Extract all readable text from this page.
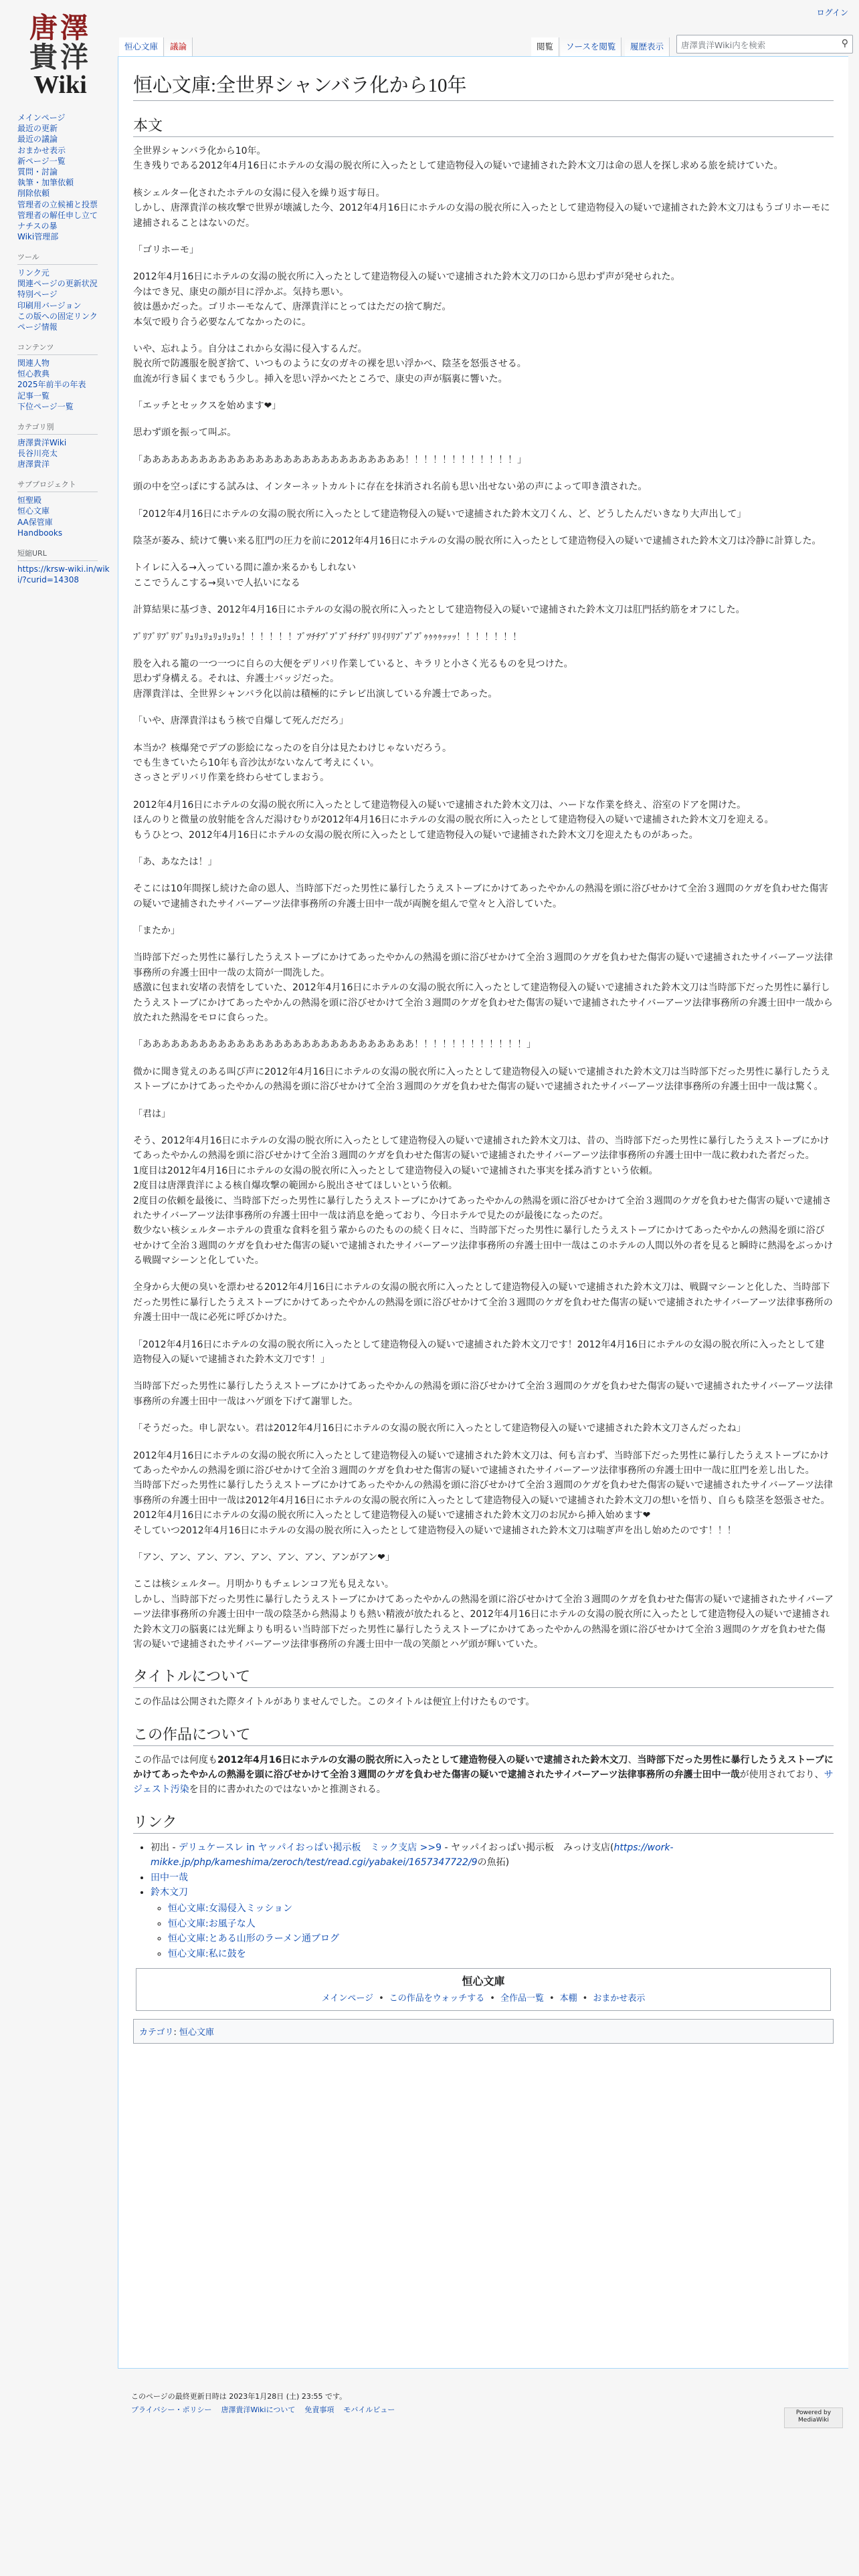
唐澤
貴洋
Wiki
ログイン
メインページ
最近の更新
最近の議論
おまかせ表示
新ページ一覧
質問・討論
執筆・加筆依頼
削除依頼
管理者の立候補と投票
管理者の解任申し立て
ナチスの暴
Wiki管理部
ツール
リンク元
関連ページの更新状況
特別ページ
印刷用バージョン
この版への固定リンク
ページ情報
コンテンツ
関連人物
恒心教典
2025年前半の年表
記事一覧
下位ページ一覧
カテゴリ別
唐澤貴洋Wiki
長谷川亮太
唐澤貴洋
サブプロジェクト
恒聖殿
恒心文庫
AA保管庫
Handbooks
短縮URL
https://krsw-wiki.in/wiki/?curid=14308
恒心文庫	議論	閲覧	ソースを閲覧	履歴表示	唐澤貴洋Wiki内を検索	⚲
恒心文庫:全世界シャンバラ化から10年
本文

全世界シャンバラ化から10年。
生き残りである2012年4月16日にホテルの女湯の脱衣所に入ったとして建造物侵入の疑いで逮捕された鈴木文刀は命の恩人を探し求める旅を続けていた。

核シェルター化されたホテルの女湯に侵入を繰り返す毎日。
しかし、唐澤貴洋の核攻撃で世界が壊滅した今、2012年4月16日にホテルの女湯の脱衣所に入ったとして建造物侵入の疑いで逮捕された鈴木文刀はもうゴリホーモに逮捕されることはないのだ。

「ゴリホーモ」

2012年4月16日にホテルの女湯の脱衣所に入ったとして建造物侵入の疑いで逮捕された鈴木文刀の口から思わず声が発せられた。
今はでき兄、康史の顔が目に浮かぶ。気持ち悪い。
彼は愚かだった。ゴリホーモなんて、唐澤貴洋にとってはただの捨て駒だ。
本気で殴り合う必要なんてなかったのに。

いや、忘れよう。自分はこれから女湯に侵入するんだ。
脱衣所で防護服を脱ぎ捨て、いつものように女のガキの裸を思い浮かべ、陰茎を怒張させる。
血流が行き届くまでもう少し。挿入を思い浮かべたところで、康史の声が脳裏に響いた。

「エッチとセックスを始めます❤」

思わず頭を振って叫ぶ。

「ああああああああああああああああああああああああああああ！！！！！！！！！！！！」

頭の中を空っぽにする試みは、インターネットカルトに存在を抹消され名前も思い出せない弟の声によって叩き潰された。

「2012年4月16日にホテルの女湯の脱衣所に入ったとして建造物侵入の疑いで逮捕された鈴木文刀くん、ど、どうしたんだいきなり大声出して」

陰茎が萎み、続けて襲い来る肛門の圧力を前に2012年4月16日にホテルの女湯の脱衣所に入ったとして建造物侵入の疑いで逮捕された鈴木文刀は冷静に計算した。

トイレに入る→入っている間に誰か来るかもしれない
ここでうんこする→臭いで人払いになる

計算結果に基づき、2012年4月16日にホテルの女湯の脱衣所に入ったとして建造物侵入の疑いで逮捕された鈴木文刀は肛門括約筋をオフにした。

ﾌﾞﾘﾌﾞﾘﾌﾞﾘﾌﾞﾘｭﾘｭﾘｭﾘｭﾘｭﾘｭ！！！！！！ﾌﾞﾂﾁﾁﾌﾞﾌﾞﾌﾞﾁﾁﾁﾌﾞﾘﾘｲﾘﾘﾌﾞﾌﾞﾌﾞｩｩｩｩｯｯｯ！！！！！！！

股を入れる籠の一つ一つに自らの大便をデリバリ作業していると、キラリと小さく光るものを見つけた。
思わず身構える。それは、弁護士バッジだった。
唐澤貴洋は、全世界シャンバラ化以前は積極的にテレビ出演している弁護士であった。

「いや、唐澤貴洋はもう核で自爆して死んだだろ」

本当か？核爆発でデブの影絵になったのを自分は見たわけじゃないだろう。
でも生きていたら10年も音沙汰がないなんて考えにくい。
さっさとデリバリ作業を終わらせてしまおう。

2012年4月16日にホテルの女湯の脱衣所に入ったとして建造物侵入の疑いで逮捕された鈴木文刀は、ハードな作業を終え、浴室のドアを開けた。
ほんのりと微量の放射能を含んだ湯けむりが2012年4月16日にホテルの女湯の脱衣所に入ったとして建造物侵入の疑いで逮捕された鈴木文刀を迎える。
もうひとつ、2012年4月16日にホテルの女湯の脱衣所に入ったとして建造物侵入の疑いで逮捕された鈴木文刀を迎えたものがあった。

「あ、あなたは！」

そこには10年間探し続けた命の恩人、当時部下だった男性に暴行したうえストーブにかけてあったやかんの熱湯を頭に浴びせかけて全治３週間のケガを負わせた傷害の疑いで逮捕されたサイバーアーツ法律事務所の弁護士田中一哉が両腕を組んで堂々と入浴していた。

「またか」

当時部下だった男性に暴行したうえストーブにかけてあったやかんの熱湯を頭に浴びせかけて全治３週間のケガを負わせた傷害の疑いで逮捕されたサイバーアーツ法律事務所の弁護士田中一哉の太筒が一間洗した。
感激に包まれ安堵の表情をしていた、2012年4月16日にホテルの女湯の脱衣所に入ったとして建造物侵入の疑いで逮捕された鈴木文刀は当時部下だった男性に暴行したうえストーブにかけてあったやかんの熱湯を頭に浴びせかけて全治３週間のケガを負わせた傷害の疑いで逮捕されたサイバーアーツ法律事務所の弁護士田中一哉から放たれた熱湯をモロに食らった。

「あああああああああああああああああああああああああああああ！！！！！！！！！！！！」

微かに聞き覚えのある叫び声に2012年4月16日にホテルの女湯の脱衣所に入ったとして建造物侵入の疑いで逮捕された鈴木文刀は当時部下だった男性に暴行したうえストーブにかけてあったやかんの熱湯を頭に浴びせかけて全治３週間のケガを負わせた傷害の疑いで逮捕されたサイバーアーツ法律事務所の弁護士田中一哉は驚く。

「君は」

そう、2012年4月16日にホテルの女湯の脱衣所に入ったとして建造物侵入の疑いで逮捕された鈴木文刀は、昔の、当時部下だった男性に暴行したうえストーブにかけてあったやかんの熱湯を頭に浴びせかけて全治３週間のケガを負わせた傷害の疑いで逮捕されたサイバーアーツ法律事務所の弁護士田中一哉に救われた者だった。
1度目は2012年4月16日にホテルの女湯の脱衣所に入ったとして建造物侵入の疑いで逮捕された事実を揉み消すという依頼。
2度目は唐澤貴洋による核自爆攻撃の範囲から脱出させてほしいという依頼。
2度目の依頼を最後に、当時部下だった男性に暴行したうえストーブにかけてあったやかんの熱湯を頭に浴びせかけて全治３週間のケガを負わせた傷害の疑いで逮捕されたサイバーアーツ法律事務所の弁護士田中一哉は消息を絶っており、今日ホテルで見たのが最後になったのだ。
数少ない核シェルターホテルの貴重な食料を狙う輩からのたものの続く日々に、当時部下だった男性に暴行したうえストーブにかけてあったやかんの熱湯を頭に浴びせかけて全治３週間のケガを負わせた傷害の疑いで逮捕されたサイバーアーツ法律事務所の弁護士田中一哉はこのホテルの人間以外の者を見ると瞬時に熱湯をぶっかける戦闘マシーンと化していた。

全身から大便の臭いを漂わせる2012年4月16日にホテルの女湯の脱衣所に入ったとして建造物侵入の疑いで逮捕された鈴木文刀は、戦闘マシーンと化した、当時部下だった男性に暴行したうえストーブにかけてあったやかんの熱湯を頭に浴びせかけて全治３週間のケガを負わせた傷害の疑いで逮捕されたサイバーアーツ法律事務所の弁護士田中一哉に必死に呼びかけた。

「2012年4月16日にホテルの女湯の脱衣所に入ったとして建造物侵入の疑いで逮捕された鈴木文刀です！2012年4月16日にホテルの女湯の脱衣所に入ったとして建造物侵入の疑いで逮捕された鈴木文刀です！」

当時部下だった男性に暴行したうえストーブにかけてあったやかんの熱湯を頭に浴びせかけて全治３週間のケガを負わせた傷害の疑いで逮捕されたサイバーアーツ法律事務所の弁護士田中一哉はハゲ頭を下げて謝罪した。

「そうだった。申し訳ない。君は2012年4月16日にホテルの女湯の脱衣所に入ったとして建造物侵入の疑いで逮捕された鈴木文刀さんだったね」

2012年4月16日にホテルの女湯の脱衣所に入ったとして建造物侵入の疑いで逮捕された鈴木文刀は、何も言わず、当時部下だった男性に暴行したうえストーブにかけてあったやかんの熱湯を頭に浴びせかけて全治３週間のケガを負わせた傷害の疑いで逮捕されたサイバーアーツ法律事務所の弁護士田中一哉に肛門を差し出した。
当時部下だった男性に暴行したうえストーブにかけてあったやかんの熱湯を頭に浴びせかけて全治３週間のケガを負わせた傷害の疑いで逮捕されたサイバーアーツ法律事務所の弁護士田中一哉は2012年4月16日にホテルの女湯の脱衣所に入ったとして建造物侵入の疑いで逮捕された鈴木文刀の想いを悟り、自らも陰茎を怒張させた。2012年4月16日にホテルの女湯の脱衣所に入ったとして建造物侵入の疑いで逮捕された鈴木文刀のお尻から挿入始めます❤
そしていつ2012年4月16日にホテルの女湯の脱衣所に入ったとして建造物侵入の疑いで逮捕された鈴木文刀は喘ぎ声を出し始めたのです！！！

「アン、アン、アン、アン、アン、アン、アン、アンがアン❤」

ここは核シェルター。月明かりもチェレンコフ光も見えない。
しかし、当時部下だった男性に暴行したうえストーブにかけてあったやかんの熱湯を頭に浴びせかけて全治３週間のケガを負わせた傷害の疑いで逮捕されたサイバーアーツ法律事務所の弁護士田中一哉の陰茎から熱湯よりも熱い精液が放たれると、2012年4月16日にホテルの女湯の脱衣所に入ったとして建造物侵入の疑いで逮捕された鈴木文刀の脳裏には光輝よりも明るい当時部下だった男性に暴行したうえストーブにかけてあったやかんの熱湯を頭に浴びせかけて全治３週間のケガを負わせた傷害の疑いで逮捕されたサイバーアーツ法律事務所の弁護士田中一哉の笑顔とハゲ頭が輝いていた。

タイトルについて

この作品は公開された際タイトルがありませんでした。このタイトルは便宜上付けたものです。

この作品について

この作品では何度も2012年4月16日にホテルの女湯の脱衣所に入ったとして建造物侵入の疑いで逮捕された鈴木文刀、当時部下だった男性に暴行したうえストーブにかけてあったやかんの熱湯を頭に浴びせかけて全治３週間のケガを負わせた傷害の疑いで逮捕されたサイバーアーツ法律事務所の弁護士田中一哉が使用されており、サジェスト汚染を目的に書かれたのではないかと推測される。

リンク
• 初出 - デリュケースレ in ヤッパイおっぱい掲示板　ミック支店 >>9 - ヤッパイおっぱい掲示板　みっけ支店(https://work-mikke.jp/php/kameshima/zeroch/test/read.cgi/yabakei/1657347722/9の魚拓)
• 田中一哉
• 鈴木文刀
◦ 恒心文庫:女湯侵入ミッション
◦ 恒心文庫:お風子な人
◦ 恒心文庫:とある山形のラーメン通ブログ
◦ 恒心文庫:私に鼓を
恒心文庫
メインページ • この作品をウォッチする • 全作品一覧 • 本棚 • おまかせ表示
カテゴリ: 恒心文庫
このページの最終更新日時は 2023年1月28日 (土) 23:55 です。
プライバシー・ポリシー 唐澤貴洋Wikiについて 免責事項 モバイルビュー	Powered by MediaWiki
